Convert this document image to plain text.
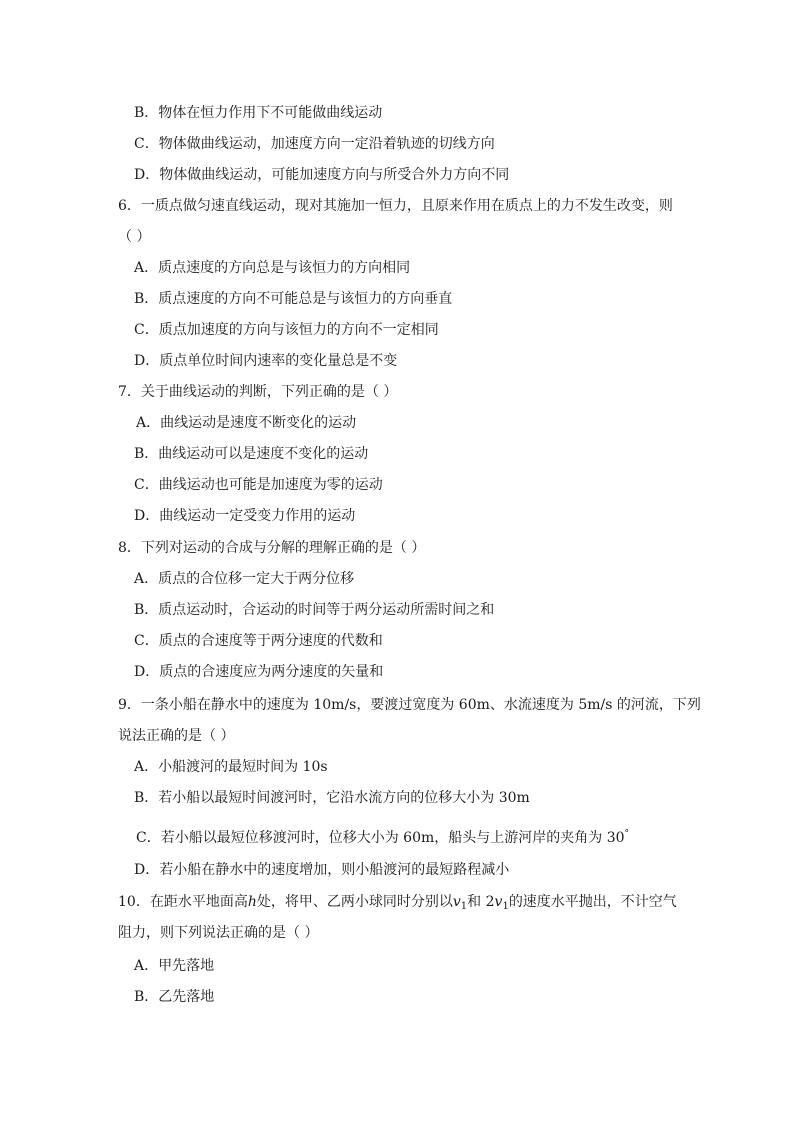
B．物体在恒力作用下不可能做曲线运动
C．物体做曲线运动，加速度方向一定沿着轨迹的切线方向
D．物体做曲线运动，可能加速度方向与所受合外力方向不同
6．一质点做匀速直线运动，现对其施加一恒力，且原来作用在质点上的力不发生改变，则
（ ）
A．质点速度的方向总是与该恒力的方向相同
B．质点速度的方向不可能总是与该恒力的方向垂直
C．质点加速度的方向与该恒力的方向不一定相同
D．质点单位时间内速率的变化量总是不变
7．关于曲线运动的判断，下列正确的是（ ）
A．曲线运动是速度不断变化的运动
B．曲线运动可以是速度不变化的运动
C．曲线运动也可能是加速度为零的运动
D．曲线运动一定受变力作用的运动
8．下列对运动的合成与分解的理解正确的是（ ）
A．质点的合位移一定大于两分位移
B．质点运动时，合运动的时间等于两分运动所需时间之和
C．质点的合速度等于两分速度的代数和
D．质点的合速度应为两分速度的矢量和
9．一条小船在静水中的速度为 10m/s，要渡过宽度为 60m、水流速度为 5m/s 的河流，下列
说法正确的是（ ）
A．小船渡河的最短时间为 10s
B．若小船以最短时间渡河时，它沿水流方向的位移大小为 30m
C．若小船以最短位移渡河时，位移大小为 60m，船头与上游河岸的夹角为 30°
D．若小船在静水中的速度增加，则小船渡河的最短路程减小
10．在距水平地面高h处，将甲、乙两小球同时分别以$v_1$和 $2v_1$的速度水平抛出，不计空气
阻力，则下列说法正确的是（ ）
A．甲先落地
B．乙先落地
